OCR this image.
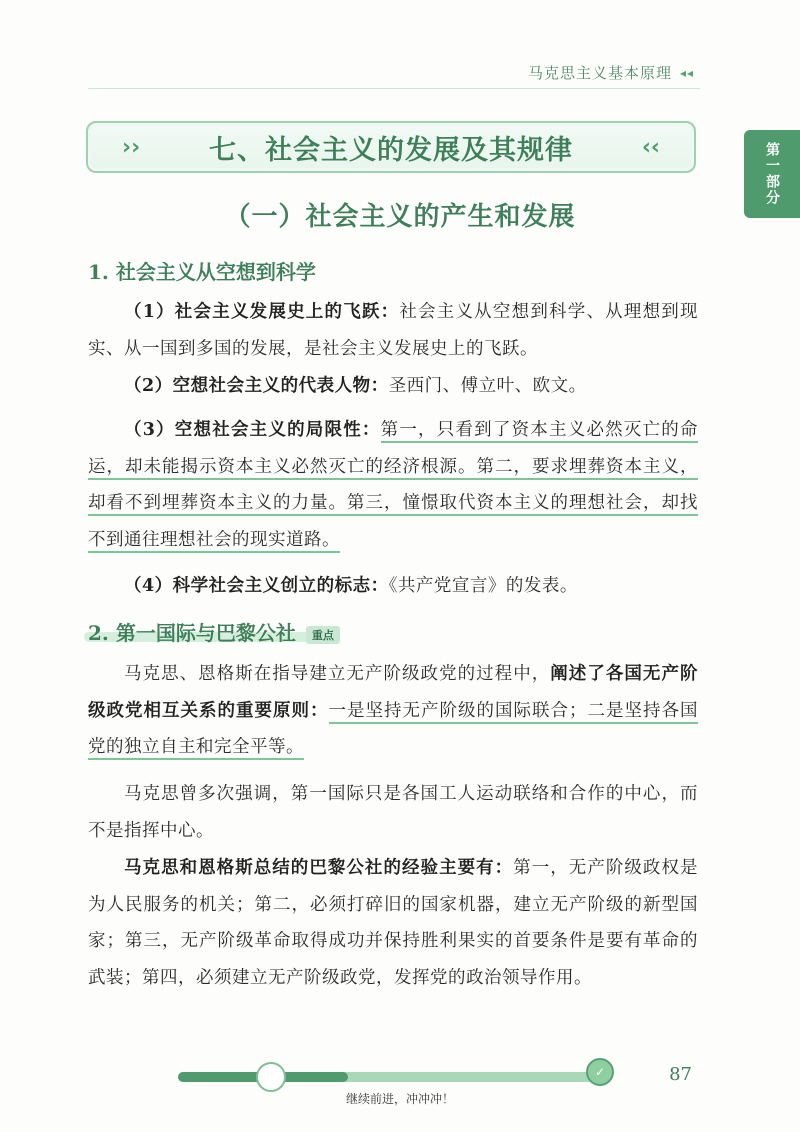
马克思主义基本原理 ◂◂
第一部分
››	七、社会主义的发展及其规律	‹‹
（一）社会主义的产生和发展
1. 社会主义从空想到科学
（1）社会主义发展史上的飞跃：社会主义从空想到科学、从理想到现实、从一国到多国的发展，是社会主义发展史上的飞跃。
（2）空想社会主义的代表人物：圣西门、傅立叶、欧文。
（3）空想社会主义的局限性：第一，只看到了资本主义必然灭亡的命运，却未能揭示资本主义必然灭亡的经济根源。第二，要求埋葬资本主义，却看不到埋葬资本主义的力量。第三，憧憬取代资本主义的理想社会，却找不到通往理想社会的现实道路。
（4）科学社会主义创立的标志：《共产党宣言》的发表。
2. 第一国际与巴黎公社 重点
马克思、恩格斯在指导建立无产阶级政党的过程中，阐述了各国无产阶级政党相互关系的重要原则：一是坚持无产阶级的国际联合；二是坚持各国党的独立自主和完全平等。
马克思曾多次强调，第一国际只是各国工人运动联络和合作的中心，而不是指挥中心。
马克思和恩格斯总结的巴黎公社的经验主要有：第一，无产阶级政权是为人民服务的机关；第二，必须打碎旧的国家机器，建立无产阶级的新型国家；第三，无产阶级革命取得成功并保持胜利果实的首要条件是要有革命的武装；第四，必须建立无产阶级政党，发挥党的政治领导作用。
✓
继续前进，冲冲冲！
87
